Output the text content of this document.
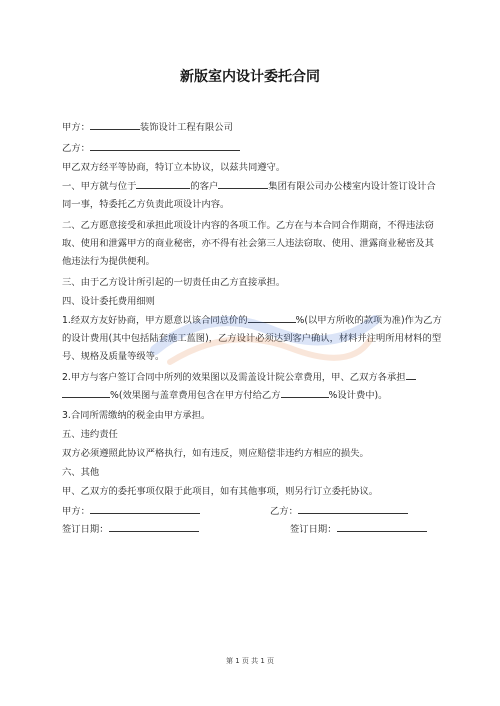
新版室内设计委托合同

甲方：	装饰设计工程有限公司

乙方：

甲乙双方经平等协商，特订立本协议，以兹共同遵守。

一、甲方就与位于	的客户	集团有限公司办公楼室内设计签订设计合同一事，特委托乙方负责此项设计内容。

二、乙方愿意接受和承担此项设计内容的各项工作。乙方在与本合同合作期商，不得违法窃取、使用和泄露甲方的商业秘密，亦不得有社会第三人违法窃取、使用、泄露商业秘密及其他违法行为提供便利。

三、由于乙方设计所引起的一切责任由乙方直接承担。

四、设计委托费用细则

1.经双方友好协商，甲方愿意以该合同总价的	%(以甲方所收的款项为准)作为乙方的设计费用(其中包括陆套施工蓝图)，乙方设计必须达到客户确认，材料并注明所用材料的型号、规格及质量等级等。

2.甲方与客户签订合同中所列的效果图以及需盖设计院公章费用，甲、乙双方各承担
%(效果图与盖章费用包含在甲方付给乙方	%设计费中)。

3.合同所需缴纳的税金由甲方承担。

五、违约责任

双方必须遵照此协议严格执行，如有违反，则应赔偿非违约方相应的损失。

六、其他

甲、乙双方的委托事项仅限于此项目，如有其他事项，则另行订立委托协议。

甲方：	乙方：
签订日期：	签订日期：
第 1 页 共 1 页
